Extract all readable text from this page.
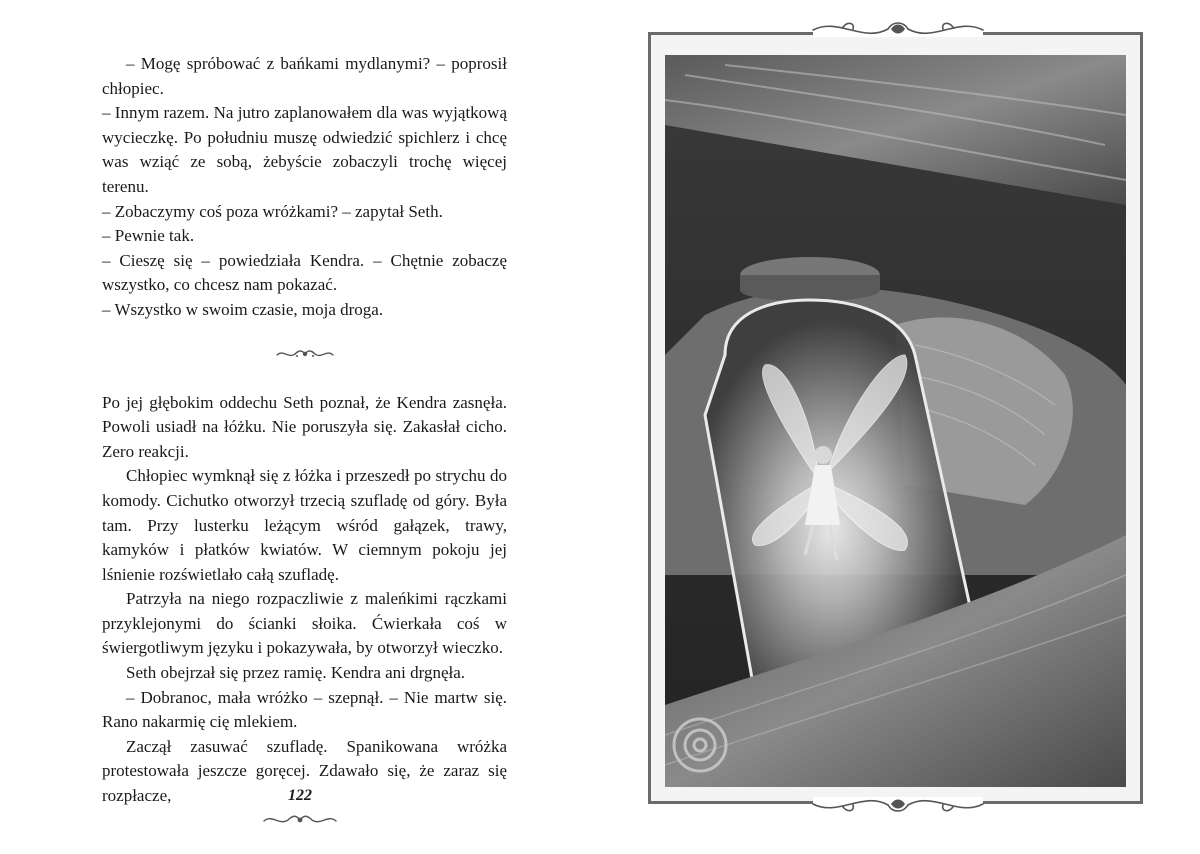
– Mogę spróbować z bańkami mydlanymi? – poprosił chłopiec.

– Innym razem. Na jutro zaplanowałem dla was wyjątkową wycieczkę. Po południu muszę odwiedzić spichlerz i chcę was wziąć ze sobą, żebyście zobaczyli trochę więcej terenu.

– Zobaczymy coś poza wróżkami? – zapytał Seth.

– Pewnie tak.

– Cieszę się – powiedziała Kendra. – Chętnie zobaczę wszystko, co chcesz nam pokazać.

– Wszystko w swoim czasie, moja droga.

Po jej głębokim oddechu Seth poznał, że Kendra zasnęła. Powoli usiadł na łóżku. Nie poruszyła się. Zakasłał cicho. Zero reakcji.

Chłopiec wymknął się z łóżka i przeszedł po strychu do komody. Cichutko otworzył trzecią szufladę od góry. Była tam. Przy lusterku leżącym wśród gałązek, trawy, kamyków i płatków kwiatów. W ciemnym pokoju jej lśnienie rozświetlało całą szufladę.

Patrzyła na niego rozpaczliwie z maleńkimi rączkami przyklejonymi do ścianki słoika. Ćwierkała coś w świergotliwym języku i pokazywała, by otworzył wieczko.

Seth obejrzał się przez ramię. Kendra ani drgnęła.

– Dobranoc, mała wróżko – szepnął. – Nie martw się. Rano nakarmię cię mlekiem.

Zaczął zasuwać szufladę. Spanikowana wróżka protestowała jeszcze goręcej. Zdawało się, że zaraz się rozpłacze,	122
